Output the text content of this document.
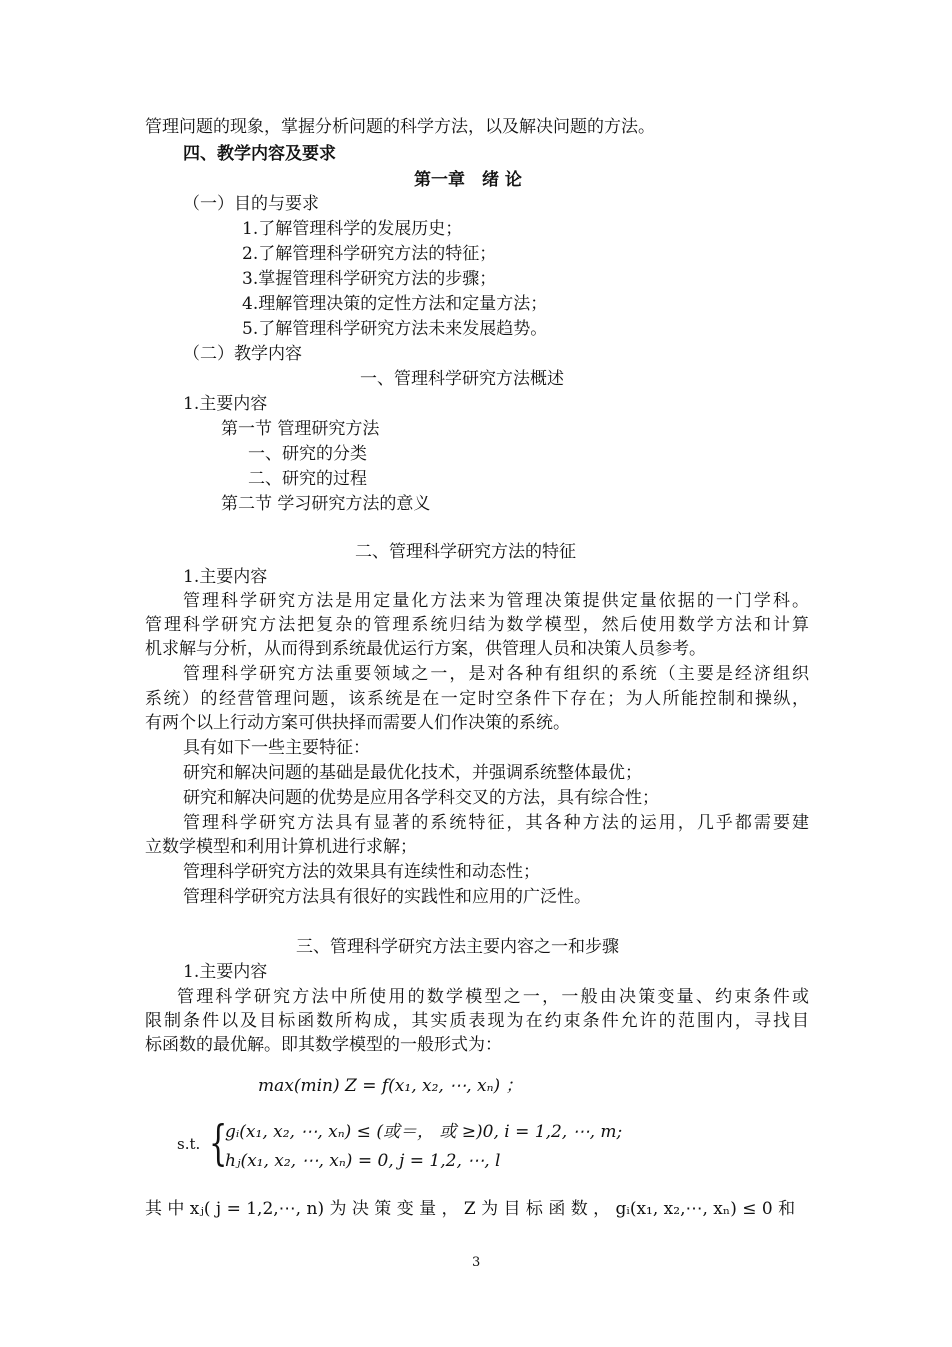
管理问题的现象，掌握分析问题的科学方法，以及解决问题的方法。
四、教学内容及要求
第一章　绪 论
（一）目的与要求
1.了解管理科学的发展历史；
2.了解管理科学研究方法的特征；
3.掌握管理科学研究方法的步骤；
4.理解管理决策的定性方法和定量方法；
5.了解管理科学研究方法未来发展趋势。
（二）教学内容
一、管理科学研究方法概述
1.主要内容
第一节 管理研究方法
一、研究的分类
二、研究的过程
第二节 学习研究方法的意义
二、管理科学研究方法的特征
1.主要内容
管理科学研究方法是用定量化方法来为管理决策提供定量依据的一门学科。
管理科学研究方法把复杂的管理系统归结为数学模型，然后使用数学方法和计算
机求解与分析，从而得到系统最优运行方案，供管理人员和决策人员参考。
管理科学研究方法重要领域之一，是对各种有组织的系统（主要是经济组织
系统）的经营管理问题，该系统是在一定时空条件下存在；为人所能控制和操纵，
有两个以上行动方案可供抉择而需要人们作决策的系统。
具有如下一些主要特征：
研究和解决问题的基础是最优化技术，并强调系统整体最优；
研究和解决问题的优势是应用各学科交叉的方法，具有综合性；
管理科学研究方法具有显著的系统特征，其各种方法的运用，几乎都需要建
立数学模型和利用计算机进行求解；
管理科学研究方法的效果具有连续性和动态性；
管理科学研究方法具有很好的实践性和应用的广泛性。
三、管理科学研究方法主要内容之一和步骤
1.主要内容
管理科学研究方法中所使用的数学模型之一，一般由决策变量、约束条件或
限制条件以及目标函数所构成，其实质表现为在约束条件允许的范围内，寻找目
标函数的最优解。即其数学模型的一般形式为：
max(min) Z = f(x₁, x₂, ⋯, xₙ) ；
s.t. {
gᵢ(x₁, x₂, ⋯, xₙ) ≤ (或＝， 或 ≥)0, i = 1,2, ⋯, m;
hⱼ(x₁, x₂, ⋯, xₙ) = 0, j = 1,2, ⋯, l
其 中 xⱼ( j = 1,2,⋯, n) 为 决 策 变 量 ， Z 为 目 标 函 数 ， gᵢ(x₁, x₂,⋯, xₙ) ≤ 0 和
3
